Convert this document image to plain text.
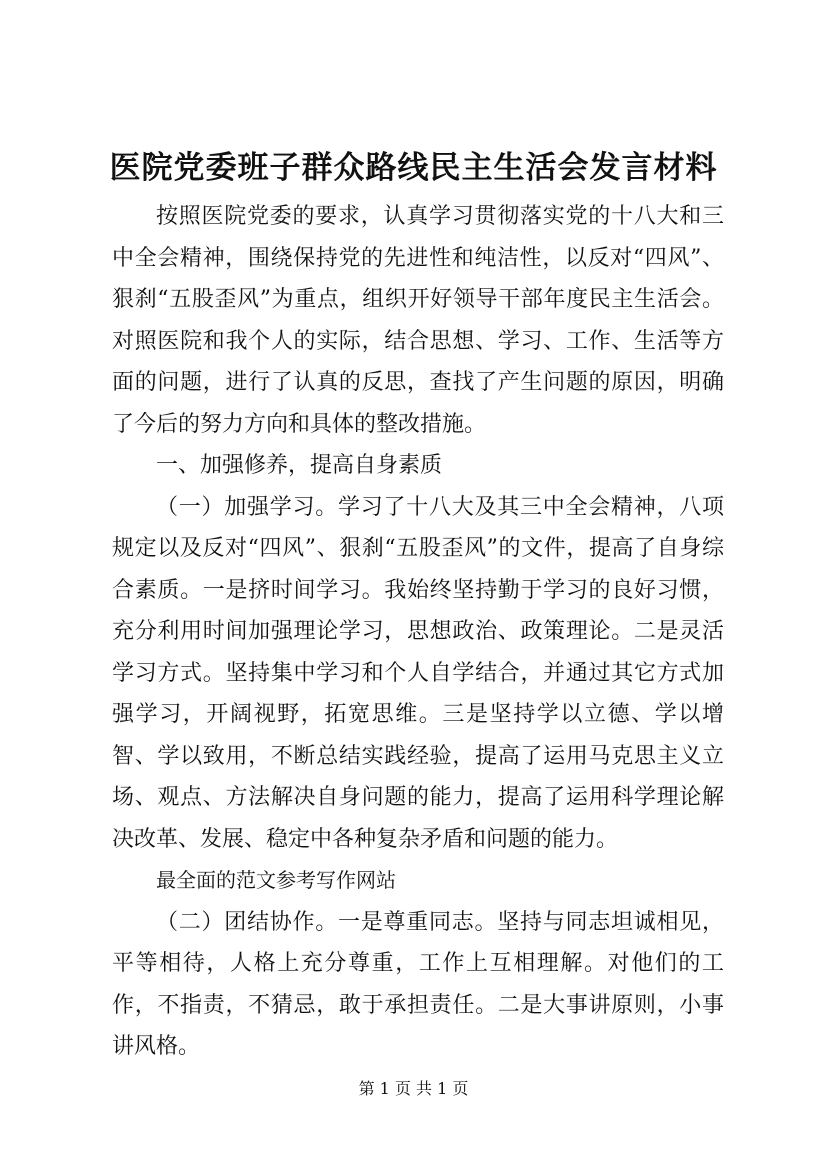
医院党委班子群众路线民主生活会发言材料

按照医院党委的要求，认真学习贯彻落实党的十八大和三中全会精神，围绕保持党的先进性和纯洁性，以反对“四风”、狠刹“五股歪风”为重点，组织开好领导干部年度民主生活会。对照医院和我个人的实际，结合思想、学习、工作、生活等方面的问题，进行了认真的反思，查找了产生问题的原因，明确了今后的努力方向和具体的整改措施。

一、加强修养，提高自身素质

（一）加强学习。学习了十八大及其三中全会精神，八项规定以及反对“四风”、狠刹“五股歪风”的文件，提高了自身综合素质。一是挤时间学习。我始终坚持勤于学习的良好习惯，充分利用时间加强理论学习，思想政治、政策理论。二是灵活学习方式。坚持集中学习和个人自学结合，并通过其它方式加强学习，开阔视野，拓宽思维。三是坚持学以立德、学以增智、学以致用，不断总结实践经验，提高了运用马克思主义立场、观点、方法解决自身问题的能力，提高了运用科学理论解决改革、发展、稳定中各种复杂矛盾和问题的能力。

最全面的范文参考写作网站

（二）团结协作。一是尊重同志。坚持与同志坦诚相见，平等相待，人格上充分尊重，工作上互相理解。对他们的工作，不指责，不猜忌，敢于承担责任。二是大事讲原则，小事讲风格。

第 1 页 共 1 页
